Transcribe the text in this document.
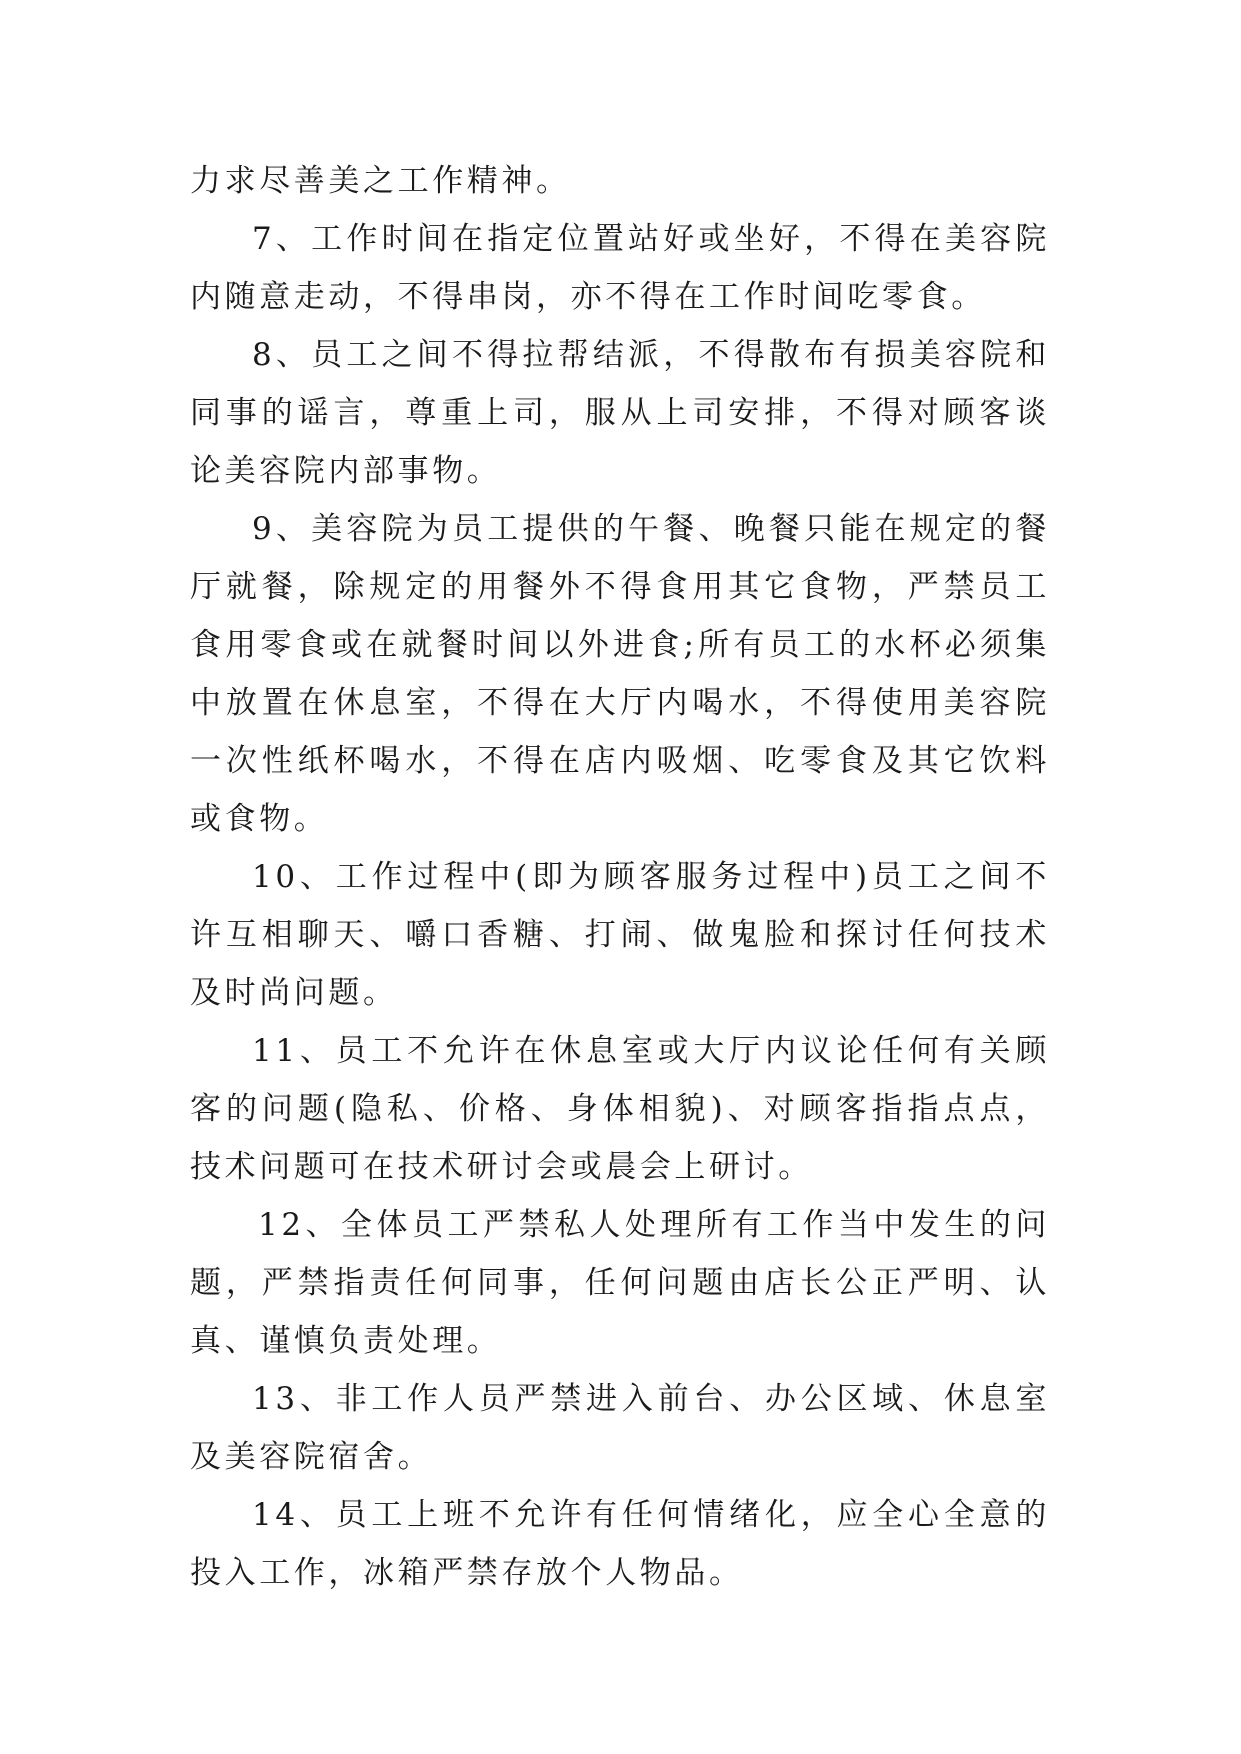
力求尽善美之工作精神。

7、工作时间在指定位置站好或坐好，不得在美容院内随意走动，不得串岗，亦不得在工作时间吃零食。

8、员工之间不得拉帮结派，不得散布有损美容院和同事的谣言，尊重上司，服从上司安排，不得对顾客谈论美容院内部事物。

9、美容院为员工提供的午餐、晚餐只能在规定的餐厅就餐，除规定的用餐外不得食用其它食物，严禁员工食用零食或在就餐时间以外进食;所有员工的水杯必须集中放置在休息室，不得在大厅内喝水，不得使用美容院一次性纸杯喝水，不得在店内吸烟、吃零食及其它饮料或食物。

10、工作过程中(即为顾客服务过程中)员工之间不许互相聊天、嚼口香糖、打闹、做鬼脸和探讨任何技术及时尚问题。

11、员工不允许在休息室或大厅内议论任何有关顾客的问题(隐私、价格、身体相貌)、对顾客指指点点，技术问题可在技术研讨会或晨会上研讨。

12、全体员工严禁私人处理所有工作当中发生的问题，严禁指责任何同事，任何问题由店长公正严明、认真、谨慎负责处理。

13、非工作人员严禁进入前台、办公区域、休息室及美容院宿舍。

14、员工上班不允许有任何情绪化，应全心全意的投入工作，冰箱严禁存放个人物品。
